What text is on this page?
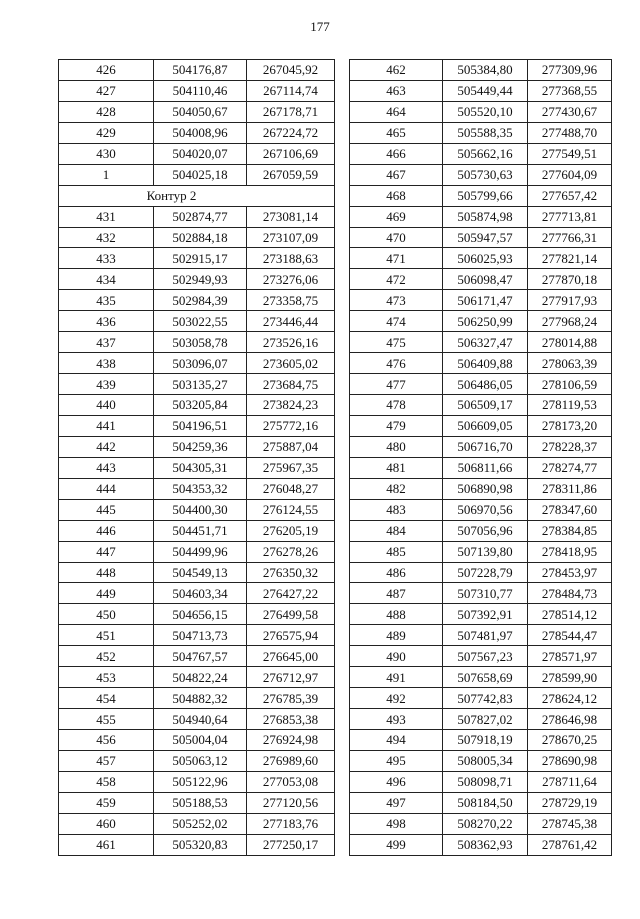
177
426	504176,87	267045,92
427	504110,46	267114,74
428	504050,67	267178,71
429	504008,96	267224,72
430	504020,07	267106,69
1	504025,18	267059,59
Контур 2		
431	502874,77	273081,14
432	502884,18	273107,09
433	502915,17	273188,63
434	502949,93	273276,06
435	502984,39	273358,75
436	503022,55	273446,44
437	503058,78	273526,16
438	503096,07	273605,02
439	503135,27	273684,75
440	503205,84	273824,23
441	504196,51	275772,16
442	504259,36	275887,04
443	504305,31	275967,35
444	504353,32	276048,27
445	504400,30	276124,55
446	504451,71	276205,19
447	504499,96	276278,26
448	504549,13	276350,32
449	504603,34	276427,22
450	504656,15	276499,58
451	504713,73	276575,94
452	504767,57	276645,00
453	504822,24	276712,97
454	504882,32	276785,39
455	504940,64	276853,38
456	505004,04	276924,98
457	505063,12	276989,60
458	505122,96	277053,08
459	505188,53	277120,56
460	505252,02	277183,76
461	505320,83	277250,17
462	505384,80	277309,96
463	505449,44	277368,55
464	505520,10	277430,67
465	505588,35	277488,70
466	505662,16	277549,51
467	505730,63	277604,09
468	505799,66	277657,42
469	505874,98	277713,81
470	505947,57	277766,31
471	506025,93	277821,14
472	506098,47	277870,18
473	506171,47	277917,93
474	506250,99	277968,24
475	506327,47	278014,88
476	506409,88	278063,39
477	506486,05	278106,59
478	506509,17	278119,53
479	506609,05	278173,20
480	506716,70	278228,37
481	506811,66	278274,77
482	506890,98	278311,86
483	506970,56	278347,60
484	507056,96	278384,85
485	507139,80	278418,95
486	507228,79	278453,97
487	507310,77	278484,73
488	507392,91	278514,12
489	507481,97	278544,47
490	507567,23	278571,97
491	507658,69	278599,90
492	507742,83	278624,12
493	507827,02	278646,98
494	507918,19	278670,25
495	508005,34	278690,98
496	508098,71	278711,64
497	508184,50	278729,19
498	508270,22	278745,38
499	508362,93	278761,42
